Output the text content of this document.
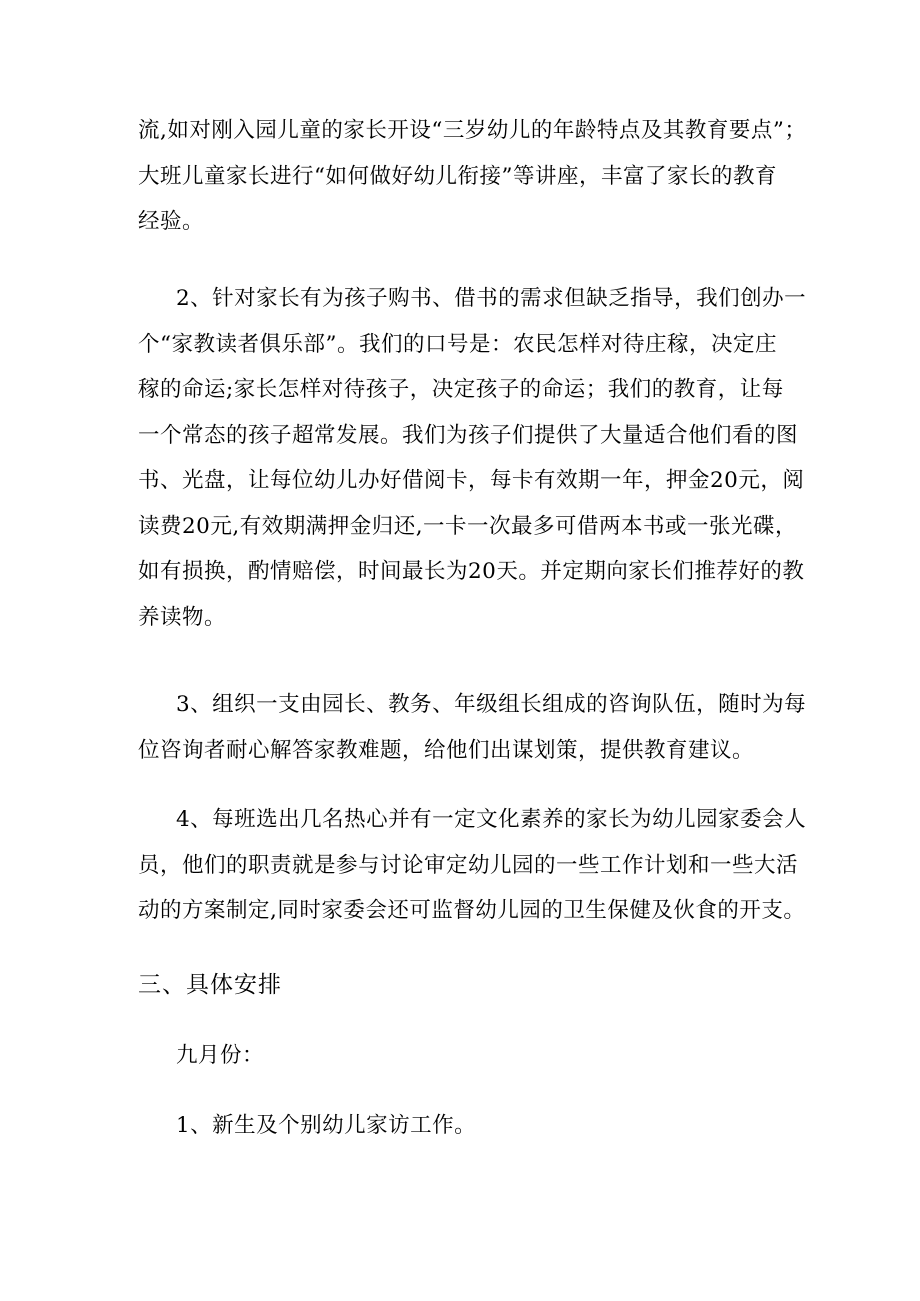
流,如对刚入园儿童的家长开设“三岁幼儿的年龄特点及其教育要点”；
大班儿童家长进行“如何做好幼儿衔接”等讲座，丰富了家长的教育
经验。

2、针对家长有为孩子购书、借书的需求但缺乏指导，我们创办一
个“家教读者俱乐部”。我们的口号是：农民怎样对待庄稼，决定庄
稼的命运;家长怎样对待孩子，决定孩子的命运；我们的教育，让每
一个常态的孩子超常发展。我们为孩子们提供了大量适合他们看的图
书、光盘，让每位幼儿办好借阅卡，每卡有效期一年，押金20元，阅
读费20元,有效期满押金归还,一卡一次最多可借两本书或一张光碟，
如有损换，酌情赔偿，时间最长为20天。并定期向家长们推荐好的教
养读物。

3、组织一支由园长、教务、年级组长组成的咨询队伍，随时为每
位咨询者耐心解答家教难题，给他们出谋划策，提供教育建议。

4、每班选出几名热心并有一定文化素养的家长为幼儿园家委会人
员，他们的职责就是参与讨论审定幼儿园的一些工作计划和一些大活
动的方案制定,同时家委会还可监督幼儿园的卫生保健及伙食的开支。

三、具体安排

九月份：

1、新生及个别幼儿家访工作。
